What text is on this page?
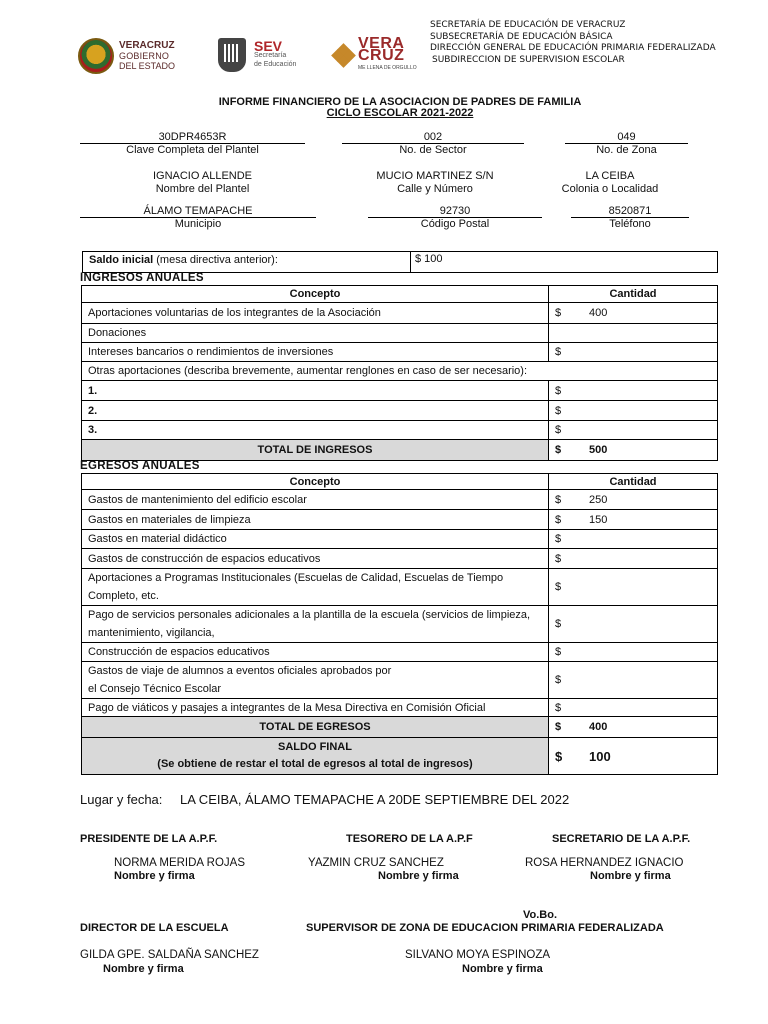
VERACRUZ
GOBIERNO
DEL ESTADO
SEV
Secretaría
de Educación
VERA
CRUZ
ME LLENA DE ORGULLO
SECRETARÍA DE EDUCACIÓN DE VERACRUZ
SUBSECRETARÍA DE EDUCACIÓN BÁSICA
DIRECCIÓN GENERAL DE EDUCACIÓN PRIMARIA FEDERALIZADA
SUBDIRECCION DE SUPERVISION ESCOLAR
INFORME FINANCIERO DE LA ASOCIACION DE PADRES DE FAMILIA
CICLO ESCOLAR 2021-2022
30DPR4653R
Clave Completa del Plantel
002
No. de Sector
049
No. de Zona
IGNACIO ALLENDE
Nombre del Plantel
MUCIO MARTINEZ S/N
Calle y Número
LA CEIBA
Colonia o Localidad
ÁLAMO TEMAPACHE
Municipio
92730
Código Postal
8520871
Teléfono
Saldo inicial (mesa directiva anterior):	$ 100
INGRESOS ANUALES
Concepto	Cantidad
Aportaciones voluntarias de los integrantes de la Asociación	$ 400
Donaciones	
Intereses bancarios o rendimientos de inversiones	$
Otras aportaciones (describa brevemente, aumentar renglones en caso de ser necesario):	
1.	$
2.	$
3.	$
TOTAL DE INGRESOS	$ 500
EGRESOS ANUALES
Concepto	Cantidad
Gastos de mantenimiento del edificio escolar	$ 250
Gastos en materiales de limpieza	$ 150
Gastos en material didáctico	$
Gastos de construcción de espacios educativos	$
Aportaciones a Programas Institucionales (Escuelas de Calidad, Escuelas de Tiempo Completo, etc.	$
Pago de servicios personales adicionales a la plantilla de la escuela (servicios de limpieza, mantenimiento, vigilancia,	$
Construcción de espacios educativos	$
Gastos de viaje de alumnos a eventos oficiales aprobados por el Consejo Técnico Escolar	$
Pago de viáticos y pasajes a integrantes de la Mesa Directiva en Comisión Oficial	$
TOTAL DE EGRESOS	$ 400

SALDO FINAL
(Se obtiene de restar el total de egresos al total de ingresos)	$ 100
Lugar y fecha: LA CEIBA, ÁLAMO TEMAPACHE A 20DE SEPTIEMBRE DEL 2022
PRESIDENTE DE LA A.P.F.	TESORERO DE LA A.P.F	SECRETARIO DE LA A.P.F.
NORMA MERIDA ROJAS	YAZMIN CRUZ SANCHEZ	ROSA HERNANDEZ IGNACIO
Nombre y firma	Nombre y firma	Nombre y firma
Vo.Bo.
DIRECTOR DE LA ESCUELA	SUPERVISOR DE ZONA DE EDUCACION PRIMARIA FEDERALIZADA
GILDA GPE. SALDAÑA SANCHEZ	SILVANO MOYA ESPINOZA
Nombre y firma	Nombre y firma
